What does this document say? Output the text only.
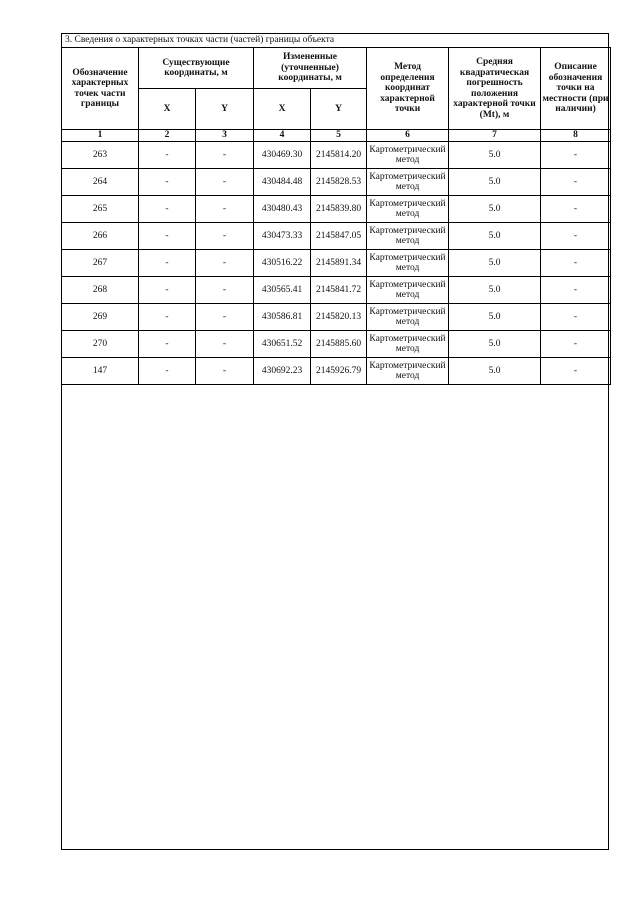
3. Сведения о характерных точках части (частей) границы объекта
Обозначение характерных точек части границы	Существующие координаты, м		Измененные (уточненные) координаты, м		Метод определения координат характерной точки	Средняя квадратическая погрешность положения характерной точки (Mt), м	Описание обозначения точки на местности (при наличии)
	X	Y	X	Y			
1	2	3	4	5	6	7	8
263	-	-	430469.30	2145814.20	Картометрический метод	5.0	-
264	-	-	430484.48	2145828.53	Картометрический метод	5.0	-
265	-	-	430480.43	2145839.80	Картометрический метод	5.0	-
266	-	-	430473.33	2145847.05	Картометрический метод	5.0	-
267	-	-	430516.22	2145891.34	Картометрический метод	5.0	-
268	-	-	430565.41	2145841.72	Картометрический метод	5.0	-
269	-	-	430586.81	2145820.13	Картометрический метод	5.0	-
270	-	-	430651.52	2145885.60	Картометрический метод	5.0	-
147	-	-	430692.23	2145926.79	Картометрический метод	5.0	-
